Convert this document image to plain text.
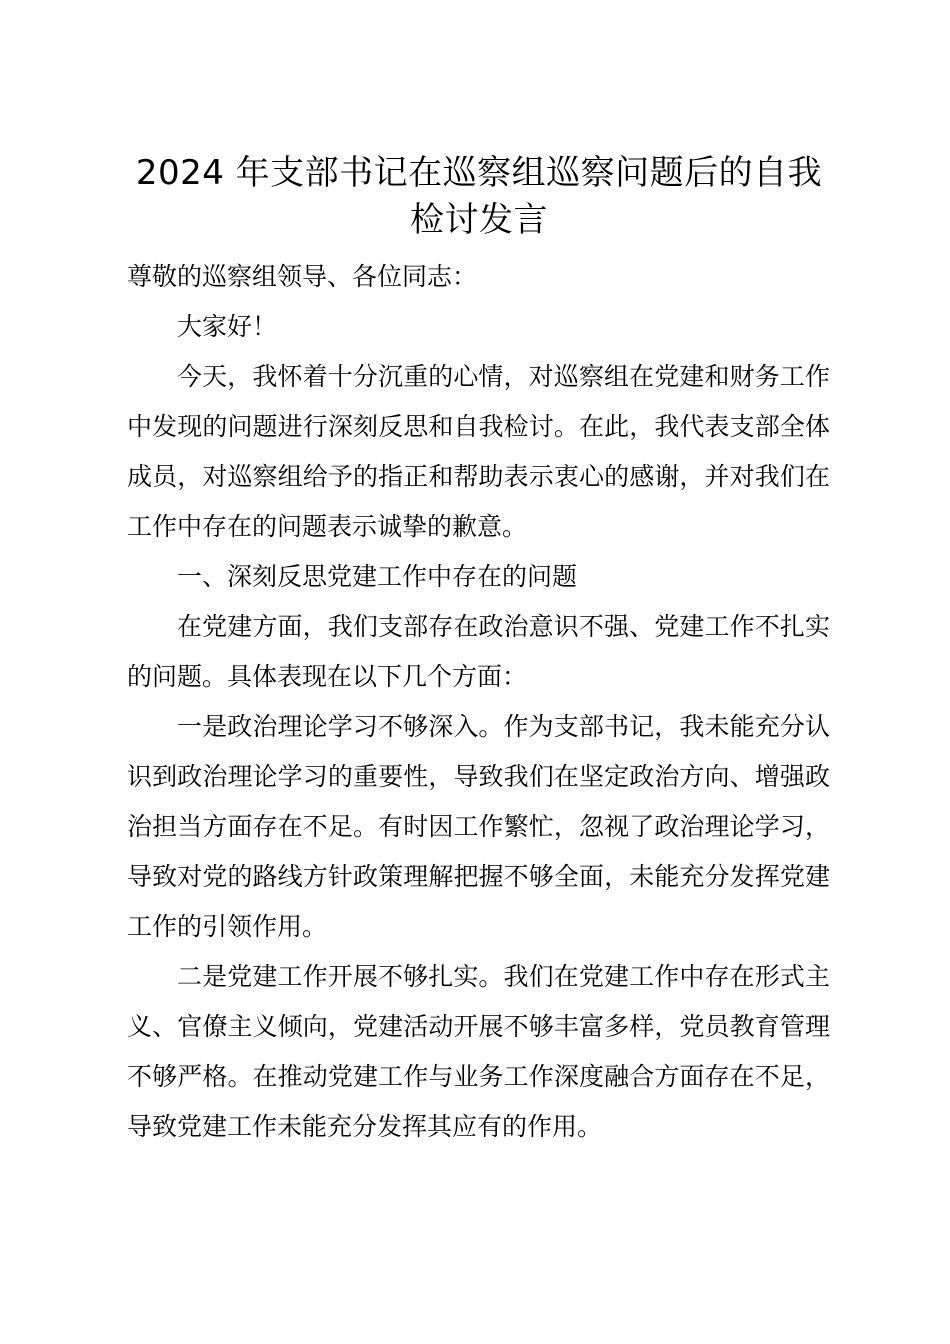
2024 年支部书记在巡察组巡察问题后的自我
检讨发言

尊敬的巡察组领导、各位同志：

大家好！

今天，我怀着十分沉重的心情，对巡察组在党建和财务工作中发现的问题进行深刻反思和自我检讨。在此，我代表支部全体成员，对巡察组给予的指正和帮助表示衷心的感谢，并对我们在工作中存在的问题表示诚挚的歉意。

一、深刻反思党建工作中存在的问题

在党建方面，我们支部存在政治意识不强、党建工作不扎实的问题。具体表现在以下几个方面：

一是政治理论学习不够深入。作为支部书记，我未能充分认识到政治理论学习的重要性，导致我们在坚定政治方向、增强政治担当方面存在不足。有时因工作繁忙，忽视了政治理论学习，导致对党的路线方针政策理解把握不够全面，未能充分发挥党建工作的引领作用。

二是党建工作开展不够扎实。我们在党建工作中存在形式主义、官僚主义倾向，党建活动开展不够丰富多样，党员教育管理不够严格。在推动党建工作与业务工作深度融合方面存在不足，导致党建工作未能充分发挥其应有的作用。
